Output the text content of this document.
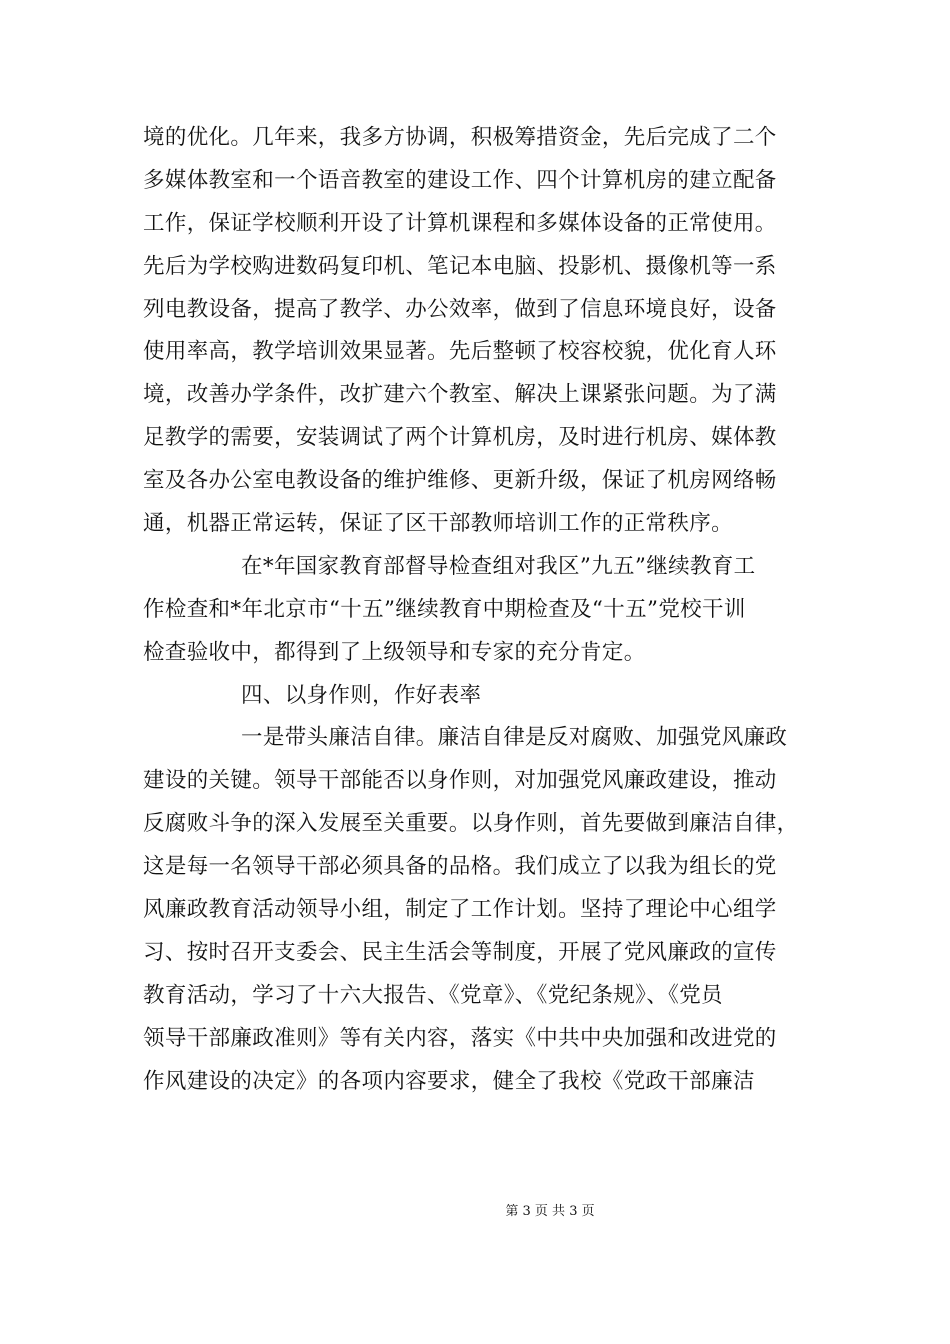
境的优化。几年来，我多方协调，积极筹措资金，先后完成了二个
多媒体教室和一个语音教室的建设工作、四个计算机房的建立配备
工作，保证学校顺利开设了计算机课程和多媒体设备的正常使用。
先后为学校购进数码复印机、笔记本电脑、投影机、摄像机等一系
列电教设备，提高了教学、办公效率，做到了信息环境良好，设备
使用率高，教学培训效果显著。先后整顿了校容校貌，优化育人环
境，改善办学条件，改扩建六个教室、解决上课紧张问题。为了满
足教学的需要，安装调试了两个计算机房，及时进行机房、媒体教
室及各办公室电教设备的维护维修、更新升级，保证了机房网络畅
通，机器正常运转，保证了区干部教师培训工作的正常秩序。
在*年国家教育部督导检查组对我区”九五”继续教育工
作检查和*年北京市“十五”继续教育中期检查及“十五”党校干训
检查验收中，都得到了上级领导和专家的充分肯定。
四、以身作则，作好表率
一是带头廉洁自律。廉洁自律是反对腐败、加强党风廉政
建设的关键。领导干部能否以身作则，对加强党风廉政建设，推动
反腐败斗争的深入发展至关重要。以身作则，首先要做到廉洁自律，
这是每一名领导干部必须具备的品格。我们成立了以我为组长的党
风廉政教育活动领导小组，制定了工作计划。坚持了理论中心组学
习、按时召开支委会、民主生活会等制度，开展了党风廉政的宣传
教育活动，学习了十六大报告、《党章》、《党纪条规》、《党员
领导干部廉政准则》等有关内容，落实《中共中央加强和改进党的
作风建设的决定》的各项内容要求，健全了我校《党政干部廉洁
第 3 页 共 3 页
